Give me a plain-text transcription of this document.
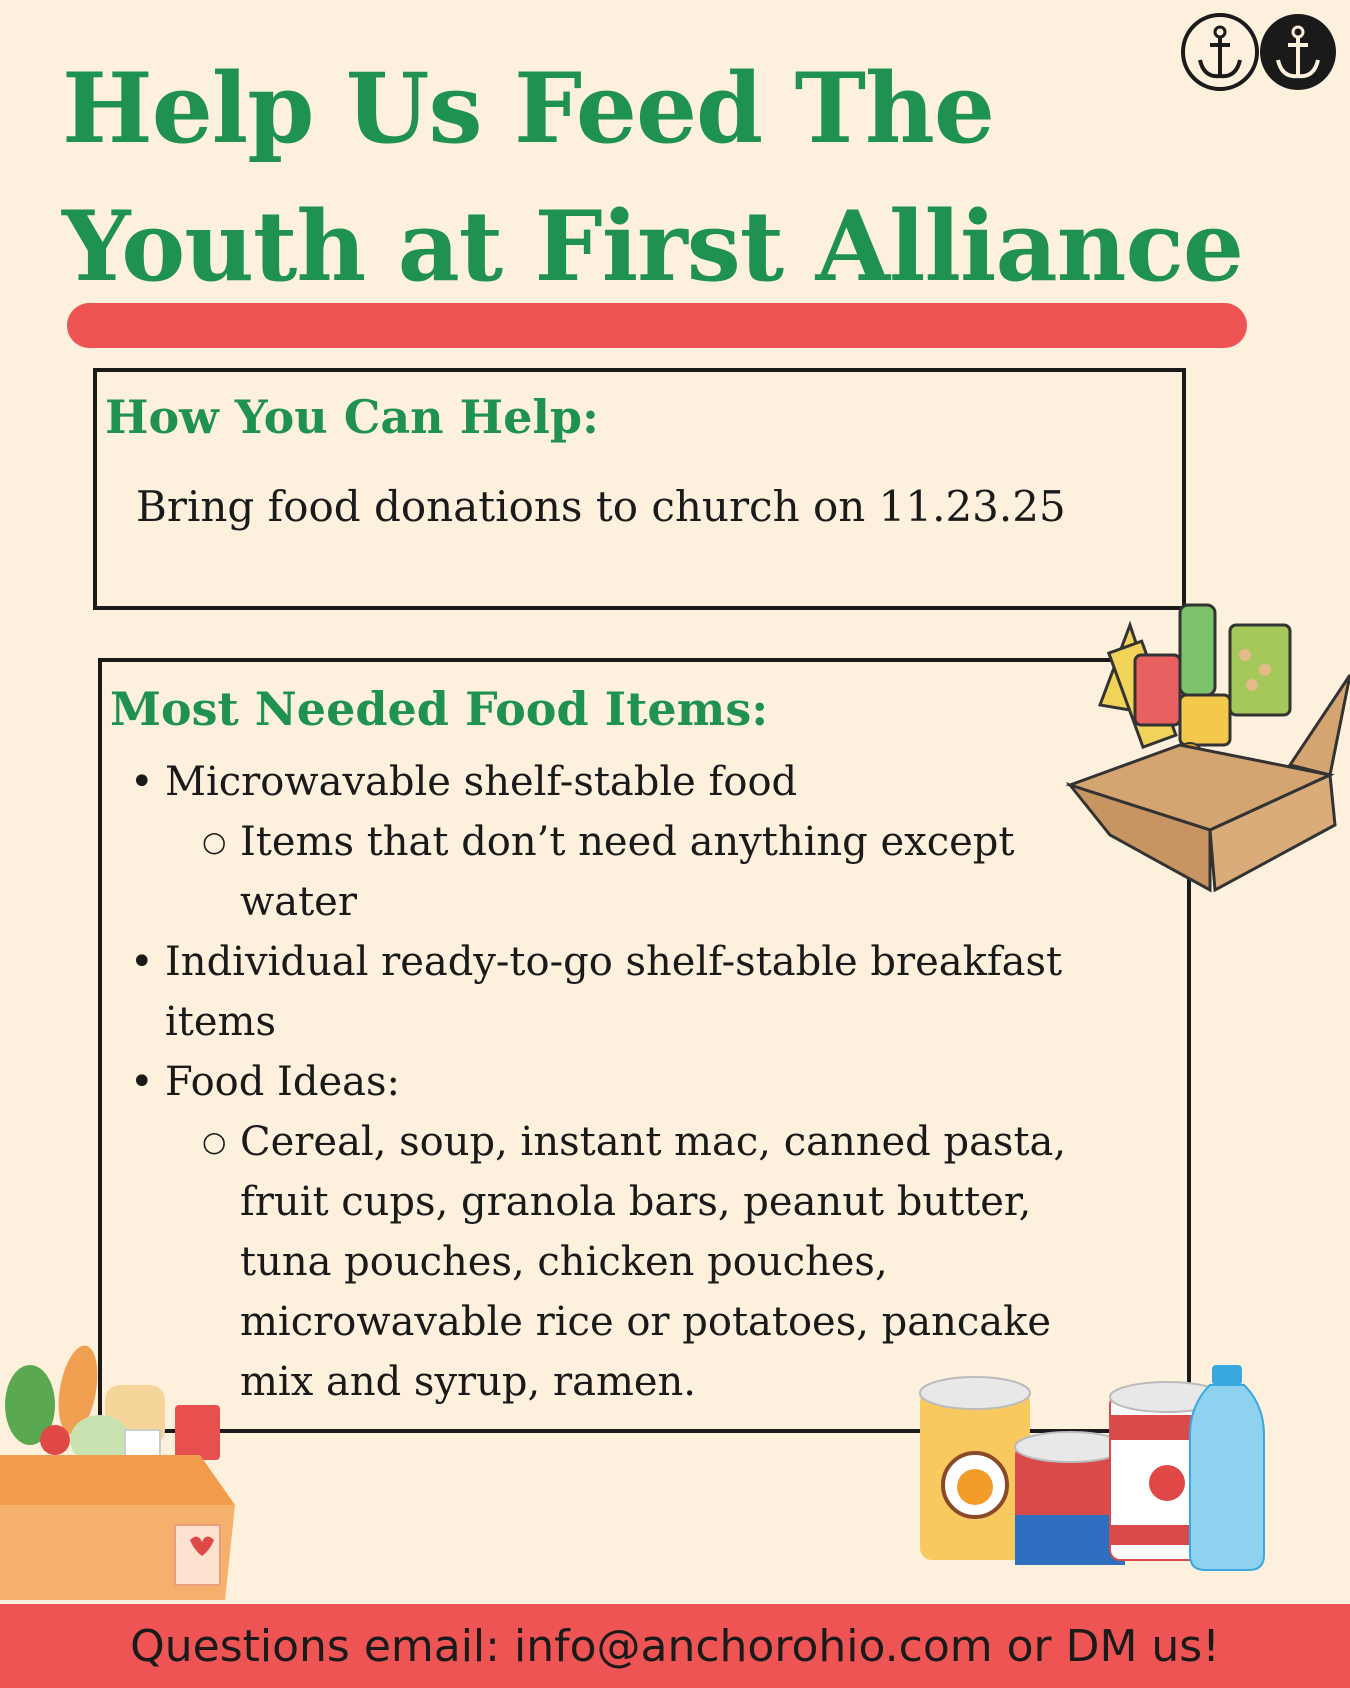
Help Us Feed The
Youth at First Alliance
How You Can Help:
Bring food donations to church on 11.23.25
Most Needed Food Items:
• Microwavable shelf-stable food
○ Items that don’t need anything except
water
• Individual ready-to-go shelf-stable breakfast
items
• Food Ideas:
○ Cereal, soup, instant mac, canned pasta,
fruit cups, granola bars, peanut butter,
tuna pouches, chicken pouches,
microwavable rice or potatoes, pancake
mix and syrup, ramen.
Questions email: info@anchorohio.com or DM us!
